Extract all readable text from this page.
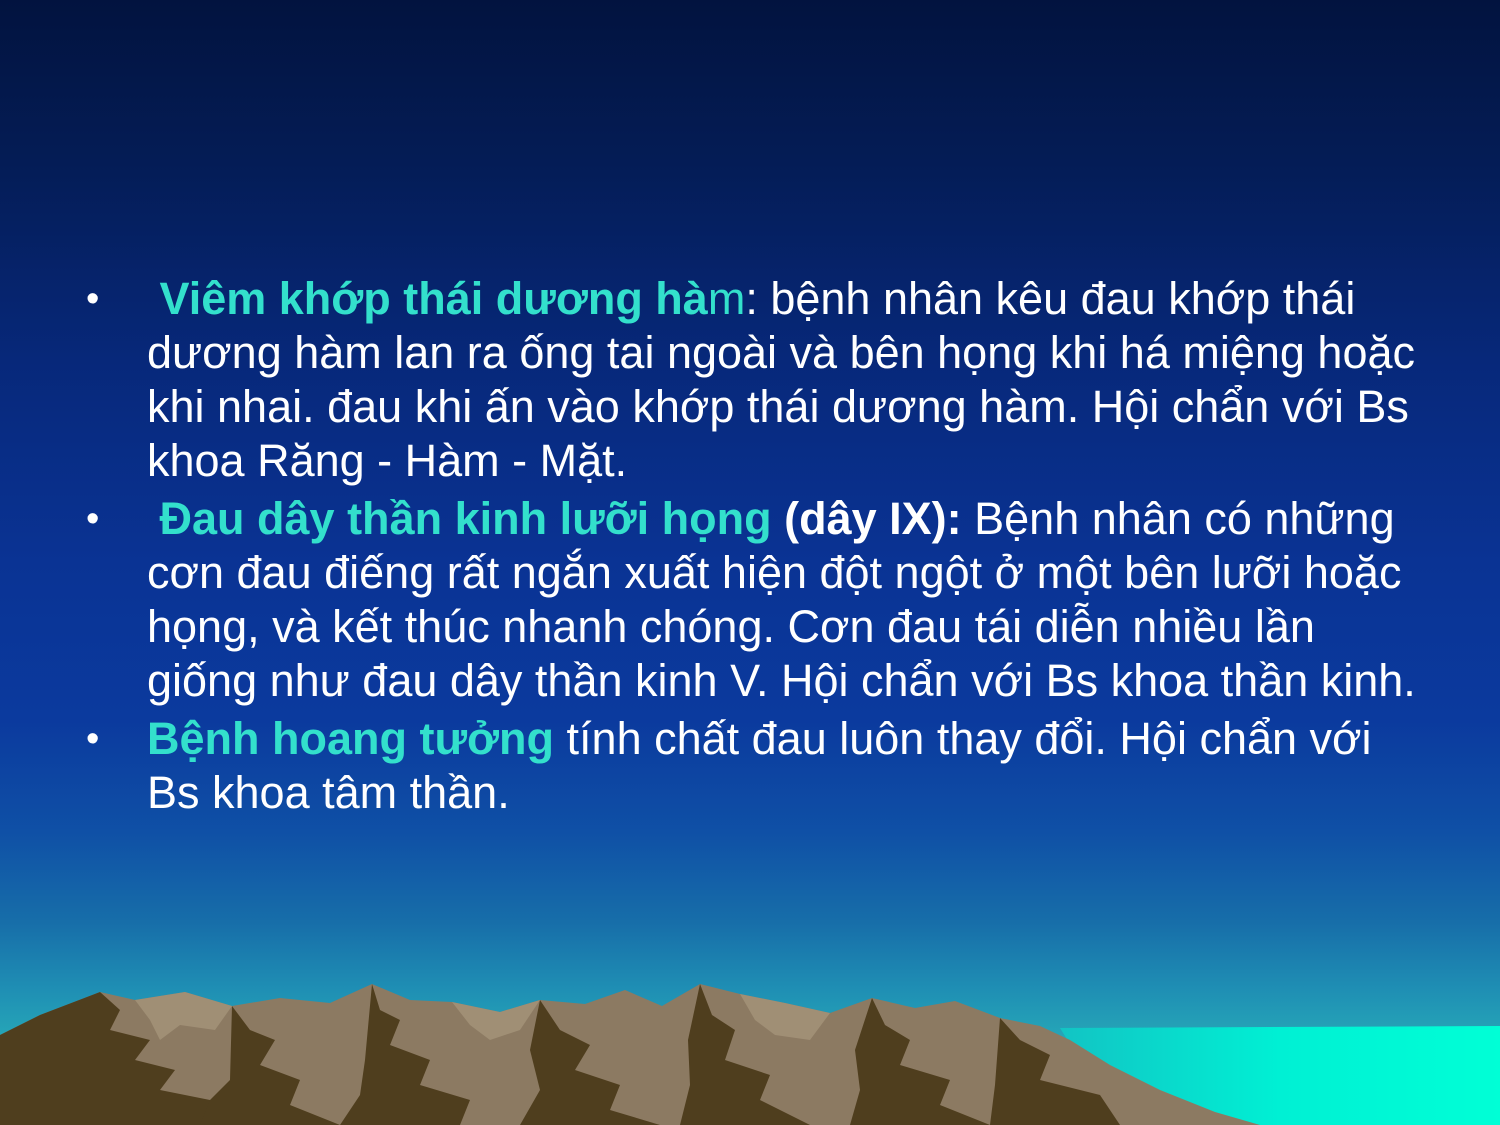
• Viêm khớp thái dương hàm: bệnh nhân kêu đau khớp thái dương hàm lan ra ống tai ngoài và bên họng khi há miệng hoặc khi nhai. đau khi ấn vào khớp thái dương hàm. Hội chẩn với Bs khoa Răng - Hàm - Mặt.
• Đau dây thần kinh lưỡi họng (dây IX): Bệnh nhân có những cơn đau điếng rất ngắn xuất hiện đột ngột ở một bên lưỡi hoặc họng, và kết thúc nhanh chóng. Cơn đau tái diễn nhiều lần giống như đau dây thần kinh V. Hội chẩn với Bs khoa thần kinh.
• Bệnh hoang tưởng tính chất đau luôn thay đổi. Hội chẩn với Bs khoa tâm thần.
